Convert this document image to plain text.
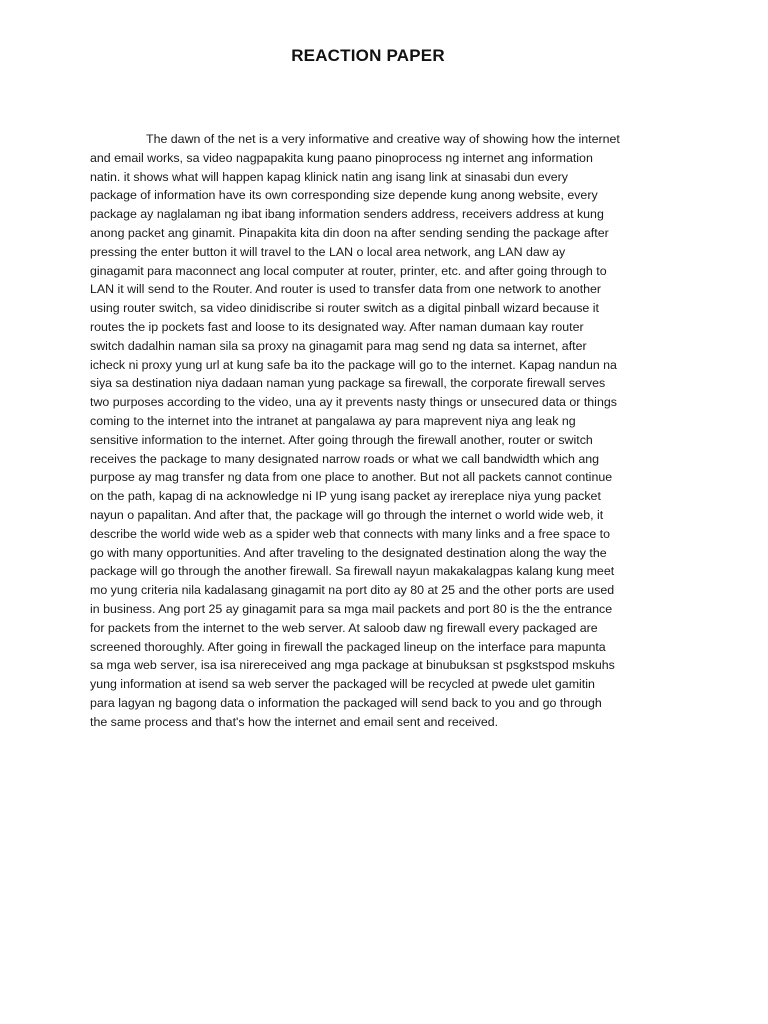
REACTION PAPER
The dawn of the net is a very informative and creative way of showing how the internet
and email works, sa video nagpapakita kung paano pinoprocess ng internet ang information
natin. it shows what will happen kapag klinick natin ang isang link at sinasabi dun every
package of information have its own corresponding size depende kung anong website, every
package ay naglalaman ng ibat ibang information senders address, receivers address at kung
anong packet ang ginamit. Pinapakita kita din doon na after sending sending the package after
pressing the enter button it will travel to the LAN o local area network, ang LAN daw ay
ginagamit para maconnect ang local computer at router, printer, etc. and after going through to
LAN it will send to the Router. And router is used to transfer data from one network to another
using router switch, sa video dinidiscribe si router switch as a digital pinball wizard because it
routes the ip pockets fast and loose to its designated way. After naman dumaan kay router
switch dadalhin naman sila sa proxy na ginagamit para mag send ng data sa internet, after
icheck ni proxy yung url at kung safe ba ito the package will go to the internet. Kapag nandun na
siya sa destination niya dadaan naman yung package sa firewall, the corporate firewall serves
two purposes according to the video, una ay it prevents nasty things or unsecured data or things
coming to the internet into the intranet at pangalawa ay para maprevent niya ang leak ng
sensitive information to the internet. After going through the firewall another, router or switch
receives the package to many designated narrow roads or what we call bandwidth which ang
purpose ay mag transfer ng data from one place to another. But not all packets cannot continue
on the path, kapag di na acknowledge ni IP yung isang packet ay irereplace niya yung packet
nayun o papalitan. And after that, the package will go through the internet o world wide web, it
describe the world wide web as a spider web that connects with many links and a free space to
go with many opportunities. And after traveling to the designated destination along the way the
package will go through the another firewall. Sa firewall nayun makakalagpas kalang kung meet
mo yung criteria nila kadalasang ginagamit na port dito ay 80 at 25 and the other ports are used
in business. Ang port 25 ay ginagamit para sa mga mail packets and port 80 is the the entrance
for packets from the internet to the web server. At saloob daw ng firewall every packaged are
screened thoroughly. After going in firewall the packaged lineup on the interface para mapunta
sa mga web server, isa isa nirereceived ang mga package at binubuksan st psgkstspod mskuhs
yung information at isend sa web server the packaged will be recycled at pwede ulet gamitin
para lagyan ng bagong data o information the packaged will send back to you and go through
the same process and that's how the internet and email sent and received.
